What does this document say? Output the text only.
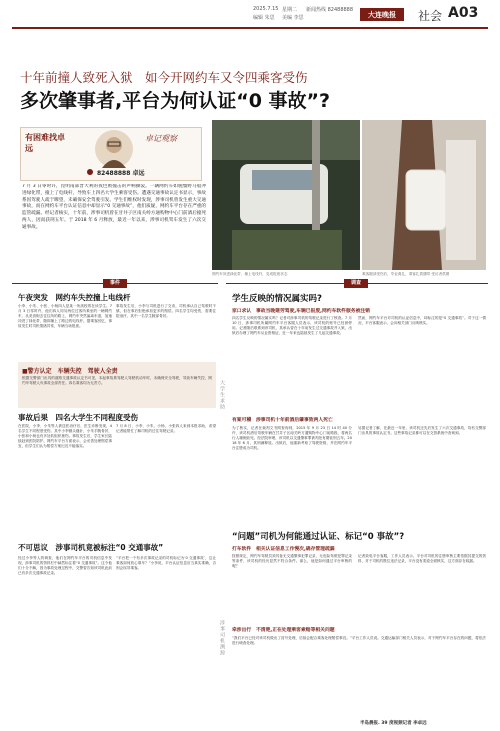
2025.7.15 星期二 新闻热线 82488888
编辑 朱思 美编 李思	大连晚报	社会 A03
十年前撞人致死入狱　如今开网约车又令四乘客受伤
多次肇事者,平台为何认证“0 事故”?
有困难找卓远
卓记观察
82488888 卓远
7 月 3 日零时许，昆明南部晋大利的夜色被撞击的声响撕裂。一辆网约车如脱缰野马般冲进绿化带，撞上了电线杆，导致车上四名大学生乘客受伤。遭遇交通事故认定书显示，事故系因驾驶人疏于瞭望，未确保安全驾驶引发。学生们维权时发现，涉事司机曾发生重大交通事故，而在网约车平台认证信息中却显示“0 交通事故”，他们质疑，网约车平台存在严重的监管疏漏。经记者核实，十年前，涉事司机曾在甘井子区南关岭方通购物中心门前酒后撞死两人，因而获刑五年。于 2018 年 6 月释放，最近一年以来，涉事司机驾车发生了六次交通事故。
网约车冲进绿化带，撞上电线杆，变成报废状态	乘客腿部受伤后，毕业典礼，乘客扎着绷带 受访者供图
事件	调查
午夜突发　网约车失控撞上电线杆
小李、小朱、小张、小杨四人是某一所高校的在读学生。7 月 3 日零时许，他们四人同另两位过客所乘坐的一辆网约车，从美食街去往住所的路上，网约车突然偏离车道，加速冲进了绿化带，随即撞上了路边的电线杆。据乘客回忆，事故发生时司机情绪异常，车辆当场报废。
事故发生后，小李与司机进行了交谈，司机承认自己驾驶时不慎，但在事后拒绝承担更多的赔偿。四名学生均受伤，需要住院治疗，其中一名学生腿部骨折。
■警方认定　车辆失控　驾驶人全责
根据交警部门出具的道路交通事故认定书可见，本起事故系驾驶人驾驶机动车时，未确保安全驾驶，导致车辆失控，网约车驾驶人负事故全部责任。四名乘客均为无责方。
事故后果　四名大学生不同程度受伤
在医院，小李、小朱等人被送医治疗后，医生诊断发现，4 名学生不同程度受伤。其中小李额头缝针，小朱手腕骨折，小张和小杨也有多处软组织挫伤。事故发生后，学生家长陆续赶到医院陪护。网约车平台方面表示，会妥善处理赔偿事宜，但学生们认为赔偿方案迟迟不能落实。
7 月 8 日，小李、小朱、小杨、小张四人来到本报求助，希望记者能帮忙了解司机的过往驾驶记录。
不可思议　涉事司机竟被标注“0 交通事故”
经过小李等人的调查，他们在网约车平台的司机信息中发现，涉事司机的资料栏中赫然标注着“0 交通事故”。这令他们十分不解，因为事故处理过程中，交警曾告知该司机此前已有多次交通事故记录。
“平台把一个有多次事故记录的司机标记为‘0 交通事故’，这让乘客如何放心乘车？”小李说，平台认证信息应当真实准确，否则会误导乘客。
大学生求助
涉事司机溯源
学生反映的情况属实吗?
家口求认　事故当晚建劳驾驶,车辆已报废,网约车软件服务被注销
四名学生反映的情况属实吗？记者对涉事司机的驾驶记录进行了核查。7 月 10 日，涉事司机所属网约车平台客服人员表示，该司机的账号已经被停用。记者随后联系到该司机，其承认曾在十年前发生过交通事故并入狱，出狱后办理了网约车从业资格证，近一年来也陆续发生了几起交通事故。
然而，网约车平台对司机的认证信息中，却标注的是“0 交通事故”。对于这一情况，平台客服表示，会向相关部门反映核实。
有案可稽　涉事司机十年前酒后肇事致两人死亡
为了核实，记者在裁判文书网查询到，2015 年 9 月 23 日 14 时 40 分许，该司机酒后驾驶车辆在甘井子区南关岭方通购物中心门前路段，将两名行人撞倒致死。经法院审理，该司机以交通肇事罪被判处有期徒刑五年。2018 年 6 月，其刑满释放。出狱后，他重新考取了驾驶资格，并在网约车平台注册成为司机。
另据记者了解，在最近一年里，该司机还先后发生了六次交通事故，均有交警部门出具的事故认定书。这些事故记录都可以在交管系统中查询到。
“问题”司机为何能通过认证、标记“0 事故”?
打车软件　相关认证信息工作慢次,确存管理疏漏
按照规定，网约车驾驶员须具备无交通肇事犯罪记录、无危险驾驶犯罪记录等条件，该司机的经历显然不符合条件。那么，他是如何通过平台审核的呢？
记者致电平台客服，工作人员表示，平台对司机的注册审核主要依据其提交的资料，对于司机的既往违法记录，平台没有渠道全面核实，这方面存在疏漏。
牵涉出行　不清楚,正在处理乘客索赔等相关问题
“我们平台已经对该司机做出了封号处理，后续会配合乘客处理赔偿事宜。”平台工作人员说。交通运输部门相关人员表示，对于网约车平台存在的问题，将依法进行调查处理。
半岛晨报. 39 度视频记者 李卓远
